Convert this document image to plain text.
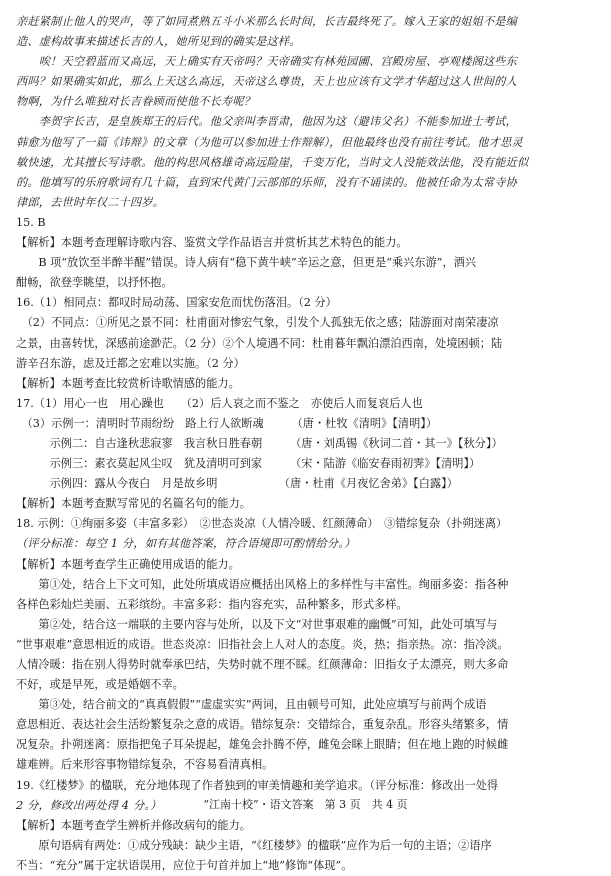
亲赶紧制止他人的哭声，等了如同煮熟五斗小米那么长时间，长吉最终死了。嫁入王家的姐姐不是编

造、虚构故事来描述长吉的人，她所见到的确实是这样。

　　唉！天空碧蓝而又高远，天上确实有天帝吗？天帝确实有林苑园圃、宫殿房屋、亭观楼阁这些东

西吗？如果确实如此，那么上天这么高远，天帝这么尊贵，天上也应该有文学才华超过这人世间的人

物啊，为什么唯独对长吉眷顾而使他不长寿呢？

　　李贺字长吉，是皇族郑王的后代。他父亲叫李晋肃，他因为这（避讳父名）不能参加进士考试，

韩愈为他写了一篇《讳辩》的文章（为他可以参加进士作辩解），但他最终也没有前往考试。他才思灵

敏快速，尤其擅长写诗歌。他的构思风格雄奇高远险崖，千变万化，当时文人没能效法他，没有能近似

的。他填写的乐府歌词有几十篇，直到宋代黄门云部部的乐师，没有不诵读的。他被任命为太常寺协

律郎，去世时年仅二十四岁。

15. B

【解析】本题考查理解诗歌内容、鉴赏文学作品语言并赏析其艺术特色的能力。

　　B 项“放饮至半醉半醒”错误。诗人病有“稳下黄牛峡”辛运之意，但更是“乘兴东游”，酒兴

酣畅，欲登孪眺望，以抒怀抱。

16.（1）相同点：都叹时局动荡、国家安危而忧伤落泪。（2 分）

　（2）不同点：①所见之景不同：杜甫面对惨宏气象，引发个人孤独无依之感；陆游面对南荣凄凉

之景，由喜转忧，深感前途渺茫。（2 分）②个人境遇不同：杜甫暮年飘泊漂泊西南，处境困顿；陆

游辛召东游，虑及迁都之宏难以实施。（2 分）

【解析】本题考查比较赏析诗歌情感的能力。

17.（1）用心一也　用心躁也　　（2）后人哀之而不鉴之　亦使后人而复哀后人也

　（3）示例一：清明时节雨纷纷　路上行人欲断魂　　　（唐・杜牧《清明》【清明】）

　　　示例二：自古逢秋悲寂寥　我言秋日胜春朝　　　（唐・刘禹锡《秋词二首・其一》【秋分】）

　　　示例三：素衣莫起风尘叹　犹及清明可到家　　　（宋・陆游《临安春雨初霁》【清明】）

　　　示例四：露从今夜白　月是故乡明　　　　　　（唐・杜甫《月夜忆舍弟》【白露】）

【解析】本题考查默写常见的名篇名句的能力。

18. 示例：①绚丽多姿（丰富多彩）　②世态炎凉（人情冷暖、红颜薄命）　③错综复杂（扑朔迷离）

（评分标准：每空 1 分，如有其他答案，符合语境即可酌情给分。）

【解析】本题考查学生正确使用成语的能力。

　　第①处，结合上下文可知，此处所填成语应概括出风格上的多样性与丰富性。绚丽多姿：指各种

各样色彩灿烂美丽、五彩缤纷。丰富多彩：指内容充实，品种繁多，形式多样。

　　第②处，结合这一端联的主要内容与处所，以及下文“对世事艰难的幽慨”可知，此处可填写与

“世事艰难”意思相近的成语。世态炎凉：旧指社会上人对人的态度。炎，热；指亲热。凉：指冷淡。

人情冷暖：指在别人得势时就奉承巴结，失势时就不理不睬。红颜薄命：旧指女子太漂亮，则大多命

不好，或是早死，或是婚姻不幸。

　　第③处，结合前文的“真真假假”“虚虚实实”两词，且由顿号可知，此处应填写与前两个成语

意思相近、表达社会生活纷繁复杂之意的成语。错综复杂：交错综合，重复杂乱。形容头绪繁多，情

况复杂。扑朔迷离：原指把兔子耳朵提起，雄兔会扑腾不停，雌兔会眯上眼睛；但在地上跑的时候雌

雄难辨。后来形容事物错综复杂，不容易看清真相。

19.《红楼梦》的楹联，充分地体现了作者独到的审美情趣和美学追求。（评分标准：修改出一处得

2 分，修改出两处得 4 分。）

【解析】本题考查学生辨析并修改病句的能力。

　　原句语病有两处：①成分残缺：缺少主语，“《红楼梦》的楹联”应作为后一句的主语；②语序

不当：“充分”属于定状语误用，应位于句首并加上“地”修饰“体现”。

“江南十校”・语文答案　第 3 页　共 4 页
